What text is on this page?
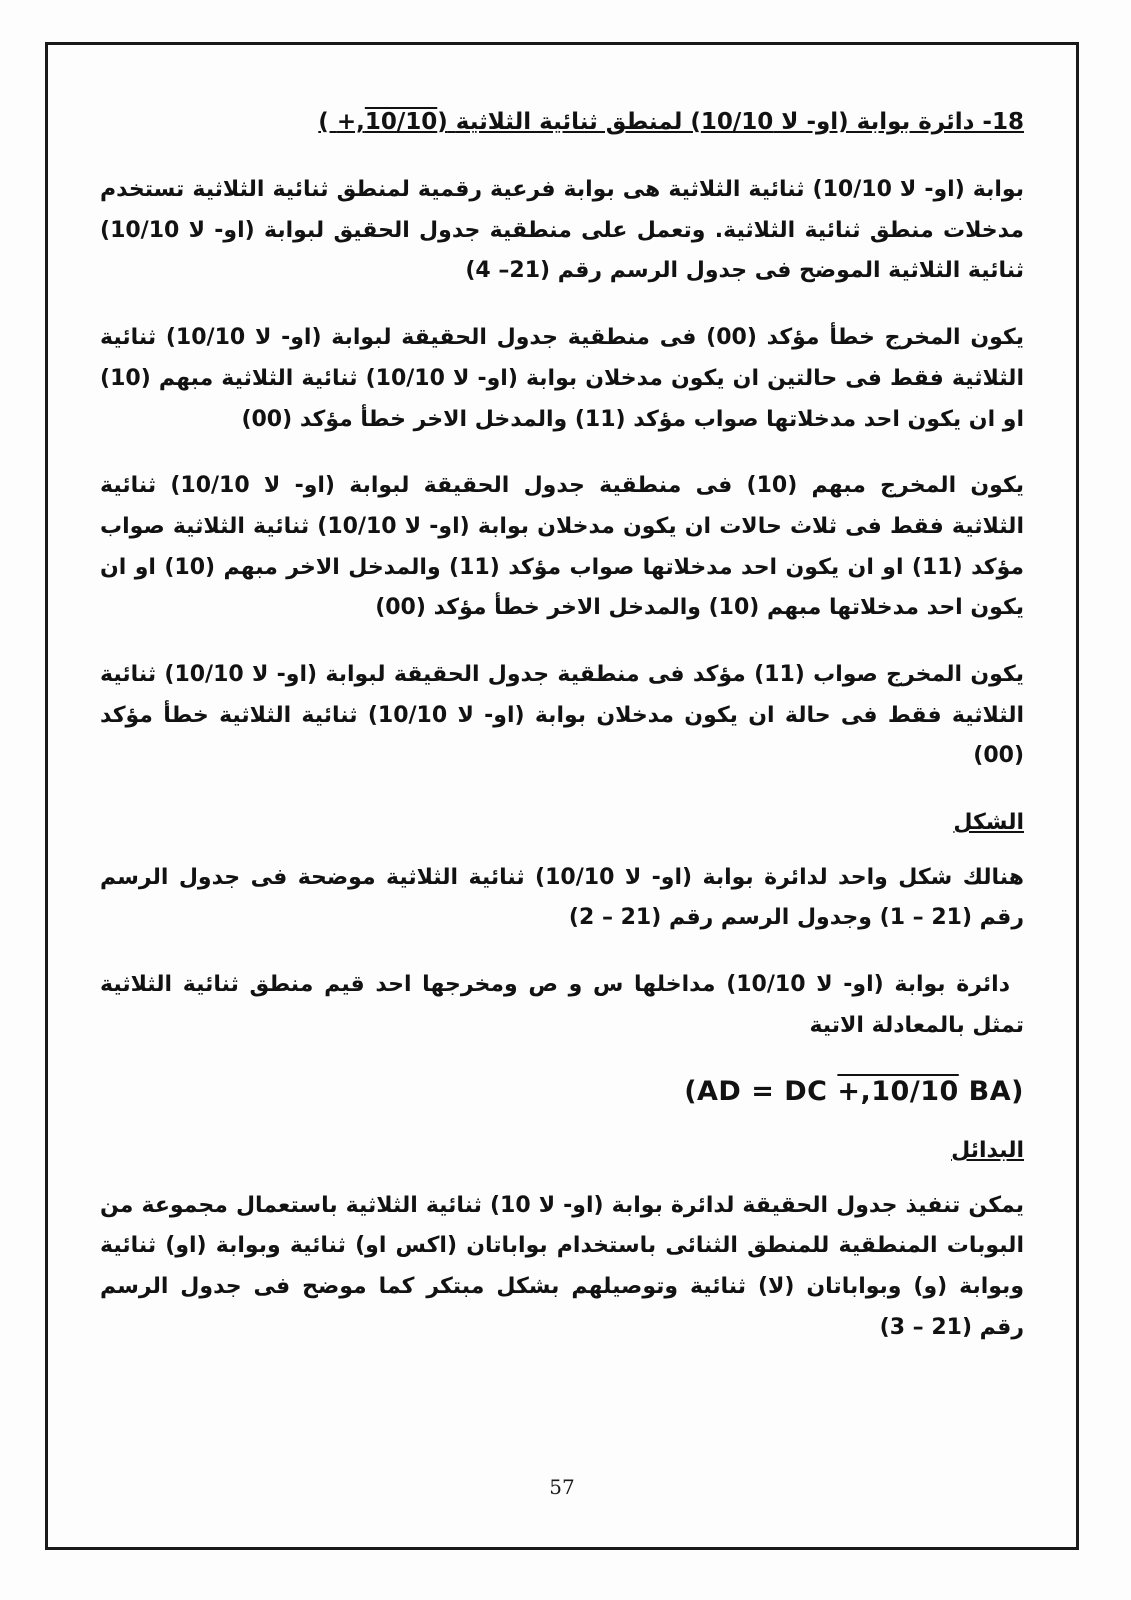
18- دائرة بوابة (او- لا 10/10) لمنطق ثنائية الثلاثية ( +,10/10)

بوابة (او- لا 10/10) ثنائية الثلاثية هى بوابة فرعية رقمية لمنطق ثنائية الثلاثية تستخدم مدخلات منطق ثنائية الثلاثية. وتعمل على منطقية جدول الحقيق لبوابة (او- لا 10/10) ثنائية الثلاثية الموضح فى جدول الرسم رقم (21– 4)

يكون المخرج خطأ مؤكد (00) فى منطقية جدول الحقيقة لبوابة (او- لا 10/10) ثنائية الثلاثية فقط فى حالتين ان يكون مدخلان بوابة (او- لا 10/10) ثنائية الثلاثية مبهم (10) او ان يكون احد مدخلاتها صواب مؤكد (11) والمدخل الاخر خطأ مؤكد (00)

يكون المخرج مبهم (10) فى منطقية جدول الحقيقة لبوابة (او- لا 10/10) ثنائية الثلاثية فقط فى ثلاث حالات ان يكون مدخلان بوابة (او- لا 10/10) ثنائية الثلاثية صواب مؤكد (11) او ان يكون احد مدخلاتها صواب مؤكد (11) والمدخل الاخر مبهم (10) او ان يكون احد مدخلاتها مبهم (10) والمدخل الاخر خطأ مؤكد (00)

يكون المخرج صواب (11) مؤكد فى منطقية جدول الحقيقة لبوابة (او- لا 10/10) ثنائية الثلاثية فقط فى حالة ان يكون مدخلان بوابة (او- لا 10/10) ثنائية الثلاثية خطأ مؤكد (00)

الشكل

هنالك شكل واحد لدائرة بوابة (او- لا 10/10) ثنائية الثلاثية موضحة فى جدول الرسم رقم (21 – 1) وجدول الرسم رقم (21 – 2)

دائرة بوابة (او- لا 10/10) مداخلها س و ص ومخرجها احد قيم منطق ثنائية الثلاثية تمثل بالمعادلة الاتية

(AD = DC +,10/10 BA)
البدائل

يمكن تنفيذ جدول الحقيقة لدائرة بوابة (او- لا 10) ثنائية الثلاثية باستعمال مجموعة من البوبات المنطقية للمنطق الثنائى باستخدام بواباتان (اكس او) ثنائية وبوابة (او) ثنائية وبوابة (و) وبواباتان (لا) ثنائية وتوصيلهم بشكل مبتكر كما موضح فى جدول الرسم رقم (21 – 3)

57
